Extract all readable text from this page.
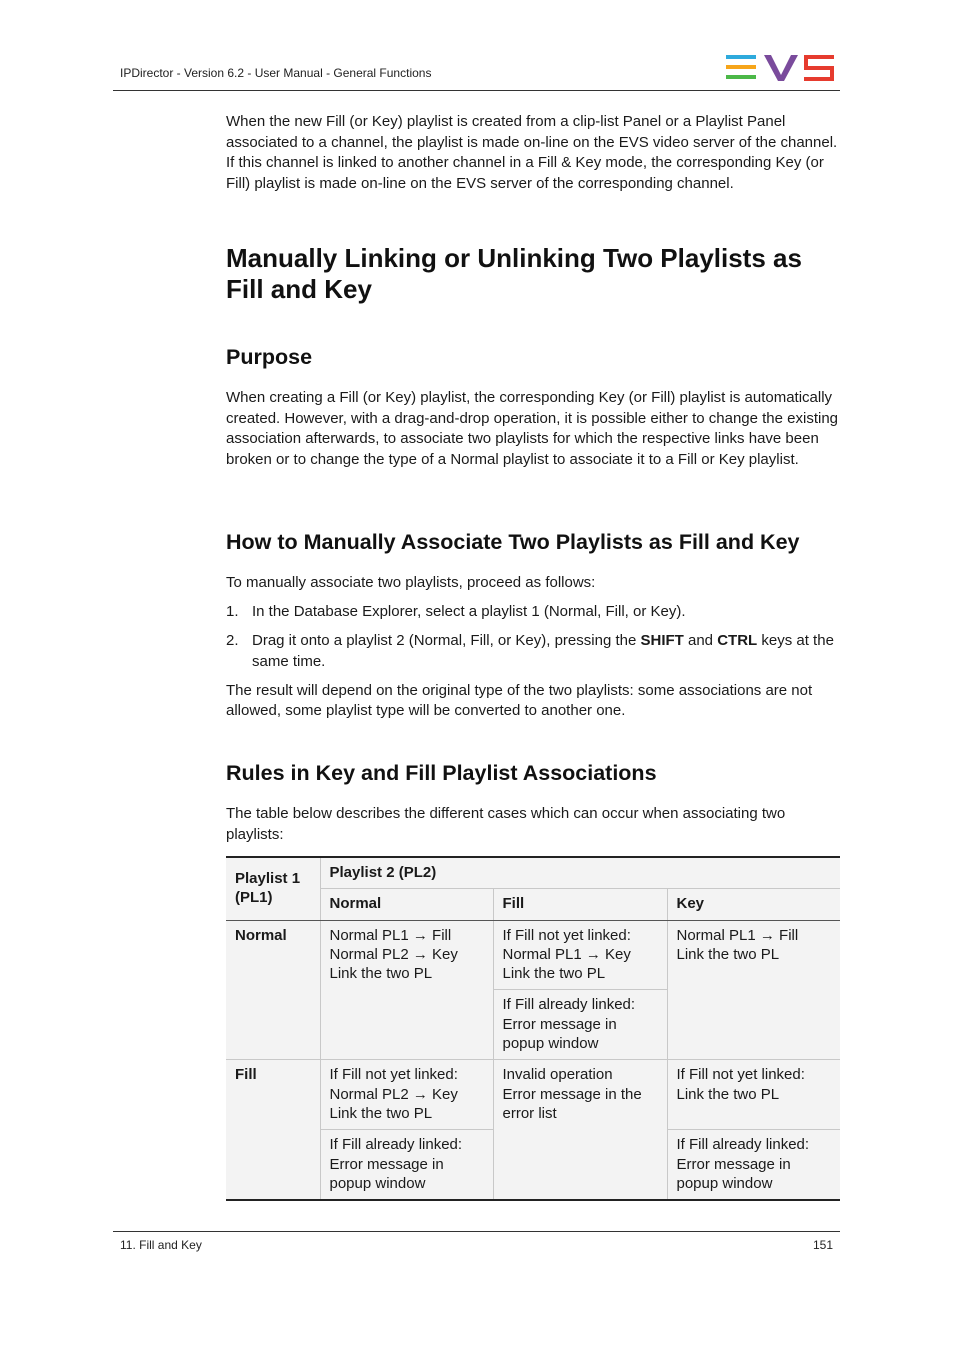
IPDirector - Version 6.2 - User Manual - General Functions

When the new Fill (or Key) playlist is created from a clip-list Panel or a Playlist Panel associated to a channel, the playlist is made on-line on the EVS video server of the channel. If this channel is linked to another channel in a Fill & Key mode, the corresponding Key (or Fill) playlist is made on-line on the EVS server of the corresponding channel.

Manually Linking or Unlinking Two Playlists as
Fill and Key
Purpose

When creating a Fill (or Key) playlist, the corresponding Key (or Fill) playlist is automatically created. However, with a drag-and-drop operation, it is possible either to change the existing association afterwards, to associate two playlists for which the respective links have been broken or to change the type of a Normal playlist to associate it to a Fill or Key playlist.

How to Manually Associate Two Playlists as Fill and Key

To manually associate two playlists, proceed as follows:

1. In the Database Explorer, select a playlist 1 (Normal, Fill, or Key).
2. Drag it onto a playlist 2 (Normal, Fill, or Key), pressing the SHIFT and CTRL keys at the same time.

The result will depend on the original type of the two playlists: some associations are not allowed, some playlist type will be converted to another one.

Rules in Key and Fill Playlist Associations

The table below describes the different cases which can occur when associating two playlists:

Playlist 1 (PL1)	Playlist 2 (PL2)		
	Normal	Fill	Key
Normal	Normal PL1 → Fill
Normal PL2 → Key
Link the two PL	If Fill not yet linked:
Normal PL1 → Key
Link the two PL	Normal PL1 → Fill
Link the two PL

		If Fill already linked:
Error message in
popup window	

Fill	If Fill not yet linked:
Normal PL2 → Key
Link the two PL	Invalid operation
Error message in the
error list	If Fill not yet linked:
Link the two PL

	If Fill already linked:
Error message in
popup window		If Fill already linked:
Error message in
popup window
11. Fill and Key	151
